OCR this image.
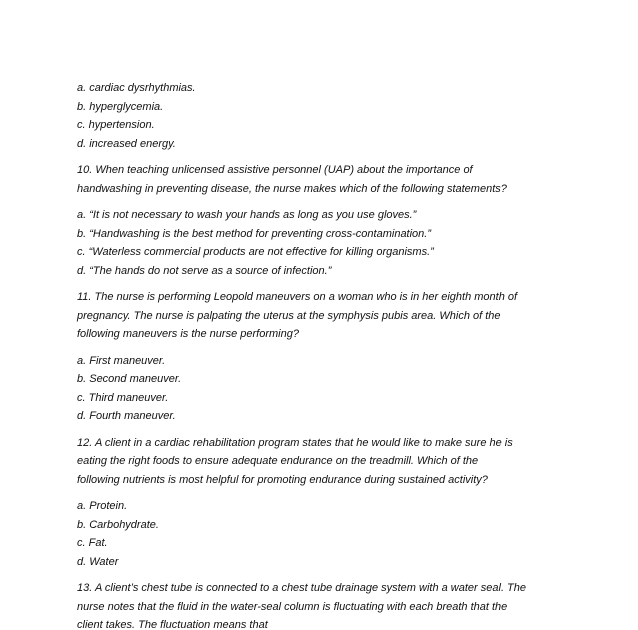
a. cardiac dysrhythmias.
b. hyperglycemia.
c. hypertension.
d. increased energy.
10. When teaching unlicensed assistive personnel (UAP) about the importance of
handwashing in preventing disease, the nurse makes which of the following statements?
a. “It is not necessary to wash your hands as long as you use gloves.”
b. “Handwashing is the best method for preventing cross-contamination.”
c. “Waterless commercial products are not effective for killing organisms.”
d. “The hands do not serve as a source of infection.”
11. The nurse is performing Leopold maneuvers on a woman who is in her eighth month of
pregnancy. The nurse is palpating the uterus at the symphysis pubis area. Which of the
following maneuvers is the nurse performing?
a. First maneuver.
b. Second maneuver.
c. Third maneuver.
d. Fourth maneuver.
12. A client in a cardiac rehabilitation program states that he would like to make sure he is
eating the right foods to ensure adequate endurance on the treadmill. Which of the
following nutrients is most helpful for promoting endurance during sustained activity?
a. Protein.
b. Carbohydrate.
c. Fat.
d. Water
13. A client’s chest tube is connected to a chest tube drainage system with a water seal. The
nurse notes that the fluid in the water-seal column is fluctuating with each breath that the
client takes. The fluctuation means that
